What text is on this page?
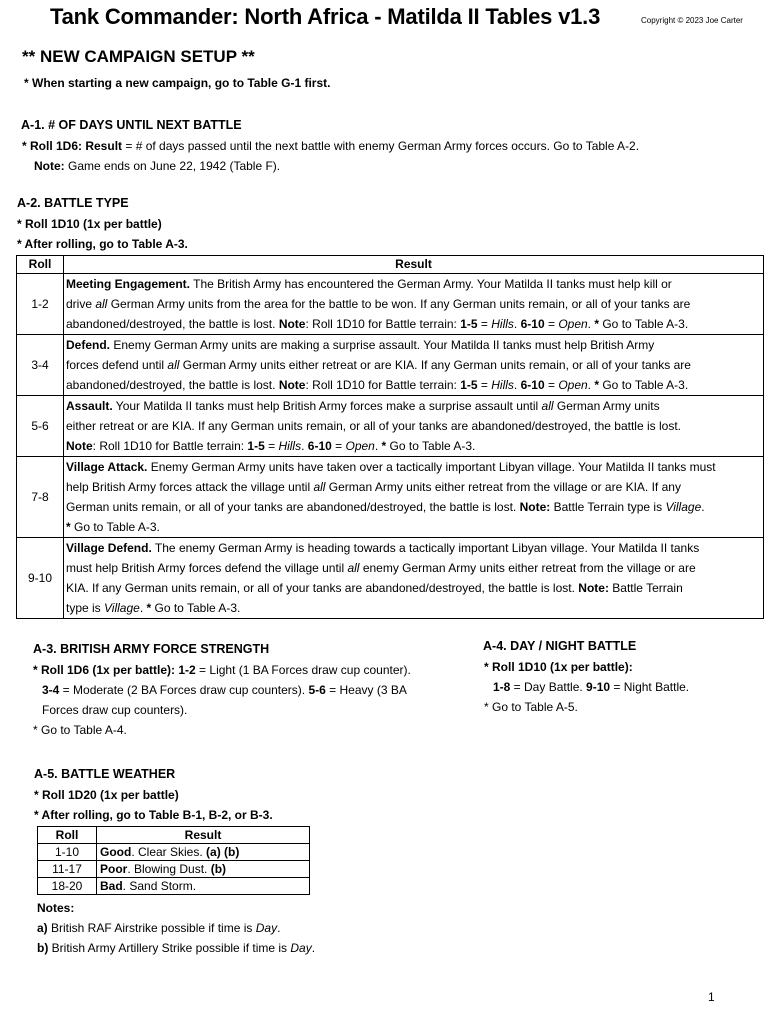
Tank Commander: North Africa - Matilda II Tables v1.3	Copyright © 2023 Joe Carter
** NEW CAMPAIGN SETUP **
* When starting a new campaign, go to Table G-1 first.
A-1. # OF DAYS UNTIL NEXT BATTLE
* Roll 1D6: Result = # of days passed until the next battle with enemy German Army forces occurs. Go to Table A-2.
Note: Game ends on June 22, 1942 (Table F).
A-2. BATTLE TYPE
* Roll 1D10 (1x per battle)
* After rolling, go to Table A-3.
Roll	Result
1-2	Meeting Engagement. The British Army has encountered the German Army. Your Matilda II tanks must help kill or
drive all German Army units from the area for the battle to be won. If any German units remain, or all of your tanks are
abandoned/destroyed, the battle is lost. Note: Roll 1D10 for Battle terrain: 1-5 = Hills. 6-10 = Open. * Go to Table A-3.

3-4	Defend. Enemy German Army units are making a surprise assault. Your Matilda II tanks must help British Army
forces defend until all German Army units either retreat or are KIA. If any German units remain, or all of your tanks are
abandoned/destroyed, the battle is lost. Note: Roll 1D10 for Battle terrain: 1-5 = Hills. 6-10 = Open. * Go to Table A-3.

5-6	Assault. Your Matilda II tanks must help British Army forces make a surprise assault until all German Army units
either retreat or are KIA. If any German units remain, or all of your tanks are abandoned/destroyed, the battle is lost.
Note: Roll 1D10 for Battle terrain: 1-5 = Hills. 6-10 = Open. * Go to Table A-3.

7-8	Village Attack. Enemy German Army units have taken over a tactically important Libyan village. Your Matilda II tanks must
help British Army forces attack the village until all German Army units either retreat from the village or are KIA. If any
German units remain, or all of your tanks are abandoned/destroyed, the battle is lost. Note: Battle Terrain type is Village.
* Go to Table A-3.

9-10	Village Defend. The enemy German Army is heading towards a tactically important Libyan village. Your Matilda II tanks
must help British Army forces defend the village until all enemy German Army units either retreat from the village or are
KIA. If any German units remain, or all of your tanks are abandoned/destroyed, the battle is lost. Note: Battle Terrain
type is Village. * Go to Table A-3.
A-3. BRITISH ARMY FORCE STRENGTH
* Roll 1D6 (1x per battle): 1-2 = Light (1 BA Forces draw cup counter).
3-4 = Moderate (2 BA Forces draw cup counters). 5-6 = Heavy (3 BA
Forces draw cup counters).
* Go to Table A-4.
A-4. DAY / NIGHT BATTLE
* Roll 1D10 (1x per battle):
1-8 = Day Battle. 9-10 = Night Battle.
* Go to Table A-5.
A-5. BATTLE WEATHER
* Roll 1D20 (1x per battle)
* After rolling, go to Table B-1, B-2, or B-3.
Roll	Result
1-10	Good. Clear Skies. (a) (b)
11-17	Poor. Blowing Dust. (b)
18-20	Bad. Sand Storm.
Notes:
a) British RAF Airstrike possible if time is Day.
b) British Army Artillery Strike possible if time is Day.
1
